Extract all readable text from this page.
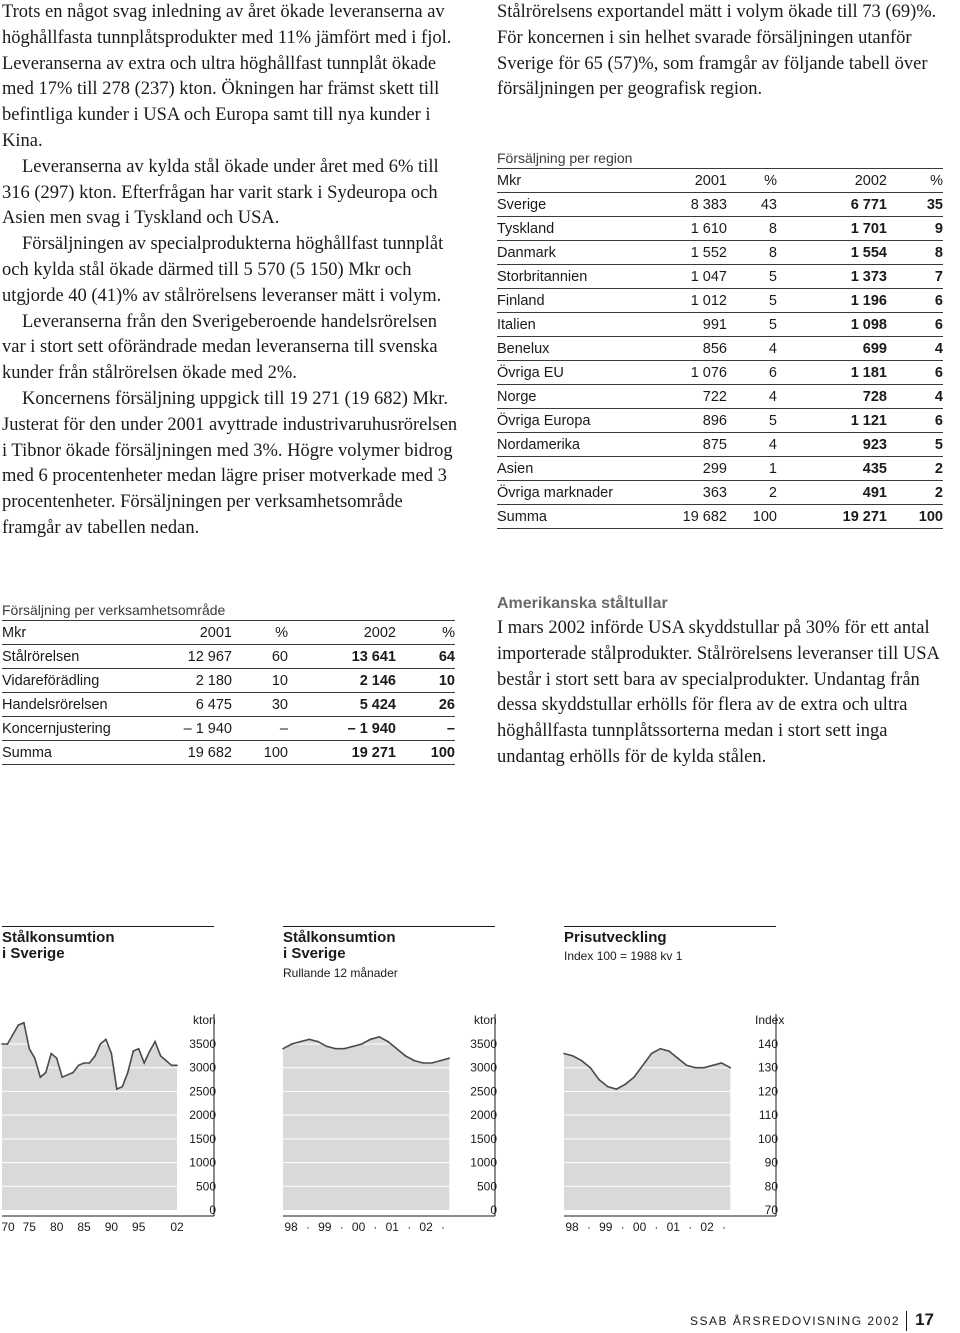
Trots en något svag inledning av året ökade leveranserna av höghållfasta tunnplåtsprodukter med 11% jämfört med i fjol. Leveranserna av extra och ultra höghållfast tunnplåt ökade med 17% till 278 (237) kton. Ökningen har främst skett till befintliga kunder i USA och Europa samt till nya kunder i Kina.

Leveranserna av kylda stål ökade under året med 6% till 316 (297) kton. Efterfrågan har varit stark i Sydeuropa och Asien men svag i Tyskland och USA.

Försäljningen av specialprodukterna höghållfast tunnplåt och kylda stål ökade därmed till 5 570 (5 150) Mkr och utgjorde 40 (41)% av stålrörelsens leveranser mätt i volym.

Leveranserna från den Sverigeberoende handelsrörelsen var i stort sett oförändrade medan leveranserna till svenska kunder från stålrörelsen ökade med 2%.

Koncernens försäljning uppgick till 19 271 (19 682) Mkr. Justerat för den under 2001 avyttrade industrivaruhusrörelsen i Tibnor ökade försäljningen med 3%. Högre volymer bidrog med 6 procentenheter medan lägre priser motverkade med 3 procentenheter. Försäljningen per verksamhetsområde framgår av tabellen nedan.

Stålrörelsens exportandel mätt i volym ökade till 73 (69)%. För koncernen i sin helhet svarade försäljningen utanför Sverige för 65 (57)%, som framgår av följande tabell över försäljningen per geografisk region.

Försäljning per region
Mkr	2001	%	2002	%
Sverige	8 383	43	6 771	35
Tyskland	1 610	8	1 701	9
Danmark	1 552	8	1 554	8
Storbritannien	1 047	5	1 373	7
Finland	1 012	5	1 196	6
Italien	991	5	1 098	6
Benelux	856	4	699	4
Övriga EU	1 076	6	1 181	6
Norge	722	4	728	4
Övriga Europa	896	5	1 121	6
Nordamerika	875	4	923	5
Asien	299	1	435	2
Övriga marknader	363	2	491	2
Summa	19 682	100	19 271	100
Försäljning per verksamhetsområde
Mkr	2001	%	2002	%
Stålrörelsen	12 967	60	13 641	64
Vidareförädling	2 180	10	2 146	10
Handelsrörelsen	6 475	30	5 424	26
Koncernjustering	– 1 940	–	– 1 940	–
Summa	19 682	100	19 271	100
Amerikanska ståltullar

I mars 2002 införde USA skyddstullar på 30% för ett antal importerade stålprodukter. Stålrörelsens leveranser till USA består i stort sett bara av specialprodukter. Undantag från dessa skyddstullar erhölls för flera av de extra och ultra höghållfasta tunnplåtssorterna medan i stort sett inga undantag erhölls för de kylda stålen.

Stålkonsumtion
i Sverige
kton
3500
3000
2500
2000
1500
1000
500
0
70 75 80 85 90 95 02
Stålkonsumtion
i Sverige
Rullande 12 månader
kton
3500
3000
2500
2000
1500
1000
500
0
98 · 99 · 00 · 01 · 02 ·
Prisutveckling
Index 100 = 1988 kv 1
Index
140
130
120
110
100
90
80
70
98 · 99 · 00 · 01 · 02 ·
SSAB ÅRSREDOVISNING 2002 17
